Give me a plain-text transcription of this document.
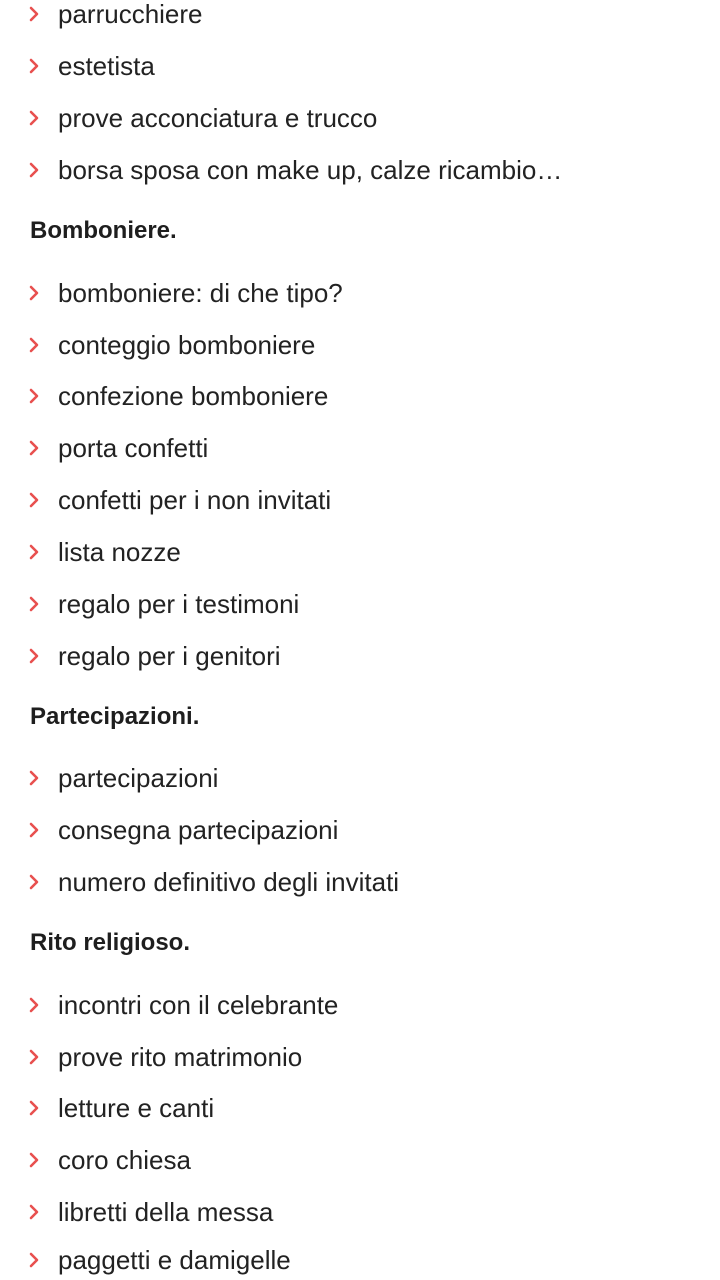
parrucchiere
estetista
prove acconciatura e trucco
borsa sposa con make up, calze ricambio…
Bomboniere.
bomboniere: di che tipo?
conteggio bomboniere
confezione bomboniere
porta confetti
confetti per i non invitati
lista nozze
regalo per i testimoni
regalo per i genitori
Partecipazioni.
partecipazioni
consegna partecipazioni
numero definitivo degli invitati
Rito religioso.
incontri con il celebrante
prove rito matrimonio
letture e canti
coro chiesa
libretti della messa
paggetti e damigelle
